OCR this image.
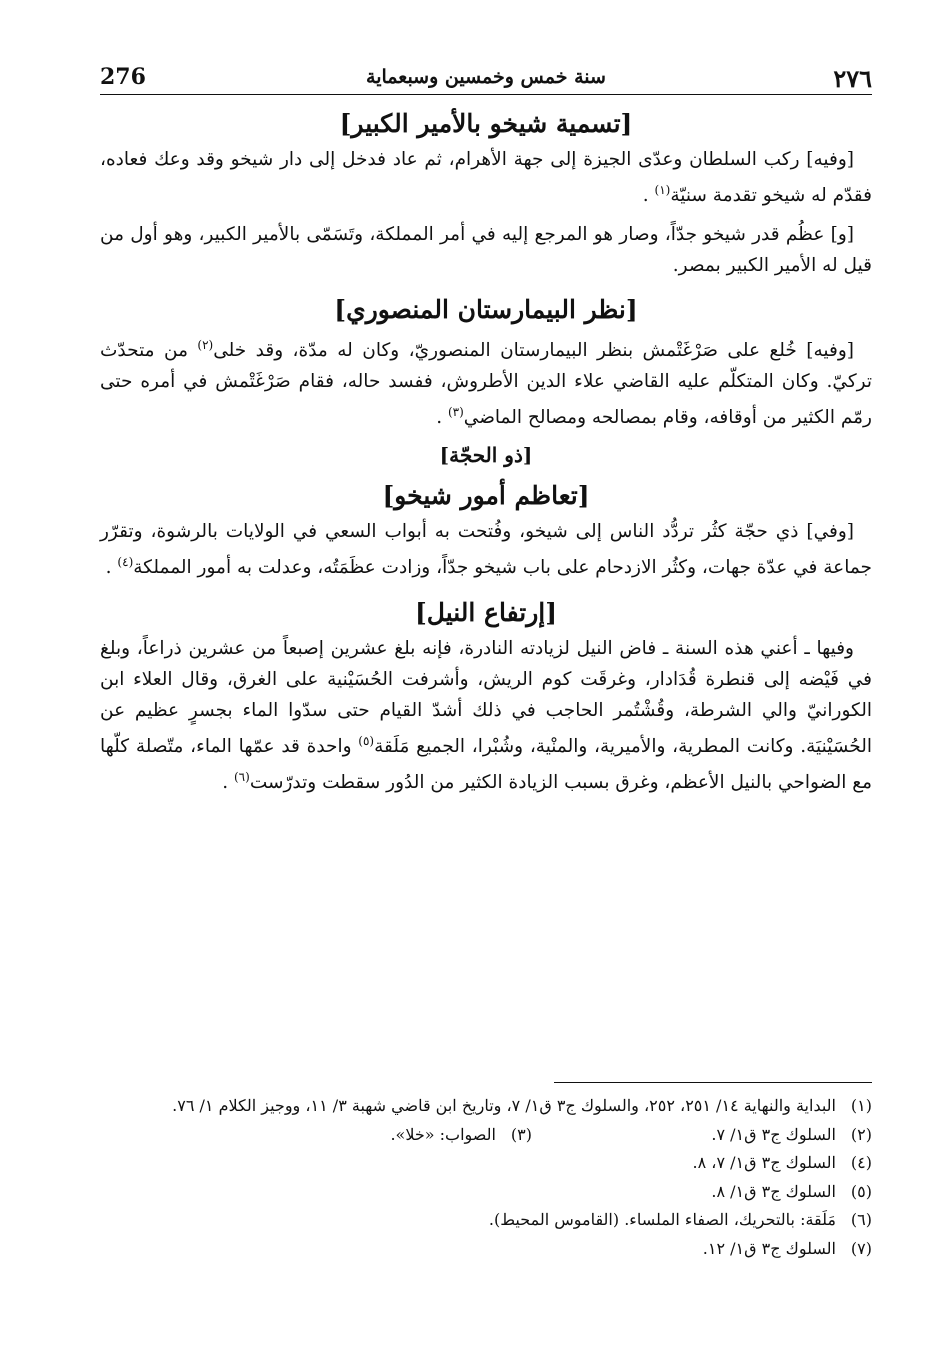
٢٧٦
سنة خمس وخمسين وسبعماية
276
[تسمية شيخو بالأمير الكبير]

[وفيه] ركب السلطان وعدّى الجيزة إلى جهة الأهرام، ثم عاد فدخل إلى دار شيخو وقد وعك فعاده، فقدّم له شيخو تقدمة سنيّة$^{(١)}$ .

[و] عظُم قدر شيخو جدّاً، وصار هو المرجع إليه في أمر المملكة، وتَسَمّى بالأمير الكبير، وهو أول من قيل له الأمير الكبير بمصر.

[نظر البيمارستان المنصوري]

[وفيه] خُلع على صَرْغَتْمش بنظر البيمارستان المنصوريّ، وكان له مدّة، وقد خلى$^{(٢)}$ من متحدّث تركيّ. وكان المتكلّم عليه القاضي علاء الدين الأطروش، ففسد حاله، فقام صَرْغَتْمش في أمره حتى رمّم الكثير من أوقافه، وقام بمصالحه ومصالح الماضي$^{(٣)}$ .

[ذو الحجّة]
[تعاظم أمور شيخو]

[وفي] ذي حجّة كثُر تردُّد الناس إلى شيخو، وفُتحت به أبواب السعي في الولايات بالرشوة، وتقرّر جماعة في عدّة جهات، وكثُر الازدحام على باب شيخو جدّاً، وزادت عظَمَتُه، وعدلت به أمور المملكة$^{(٤)}$ .

[إرتفاع النيل]

وفيها ـ أعني هذه السنة ـ فاض النيل لزيادته النادرة، فإنه بلغ عشرين إصبعاً من عشرين ذراعاً، وبلغ في فَيْضه إلى قنطرة قُدَادار، وغرقَت كوم الريش، وأشرفت الحُسَيْنية على الغرق، وقال العلاء ابن الكورانيّ والي الشرطة، وقُشْتُمر الحاجب في ذلك أشدّ القيام حتى سدّوا الماء بجسرٍ عظيم عن الحُسَيْنيَة. وكانت المطرية، والأميرية، والمنْية، وشُبْرا، الجميع مَلَقة$^{(٥)}$ واحدة قد عمّها الماء، متّصلة كلّها مع الضواحي بالنيل الأعظم، وغرق بسبب الزيادة الكثير من الدُور سقطت وتدرّست$^{(٦)}$ .

(١)
البداية والنهاية ١٤/ ٢٥١، ٢٥٢، والسلوك ج٣ ق١/ ٧، وتاريخ ابن قاضي شهبة ٣/ ١١، ووجيز الكلام ١/ ٧٦.
(٢)
السلوك ج٣ ق١/ ٧.
(٣)
الصواب: «خلا».
(٤)
السلوك ج٣ ق١/ ٧، ٨.
(٥)
السلوك ج٣ ق١/ ٨.
(٦)
مَلَقة: بالتحريك، الصفاء الملساء. (القاموس المحيط).
(٧)
السلوك ج٣ ق١/ ١٢.
